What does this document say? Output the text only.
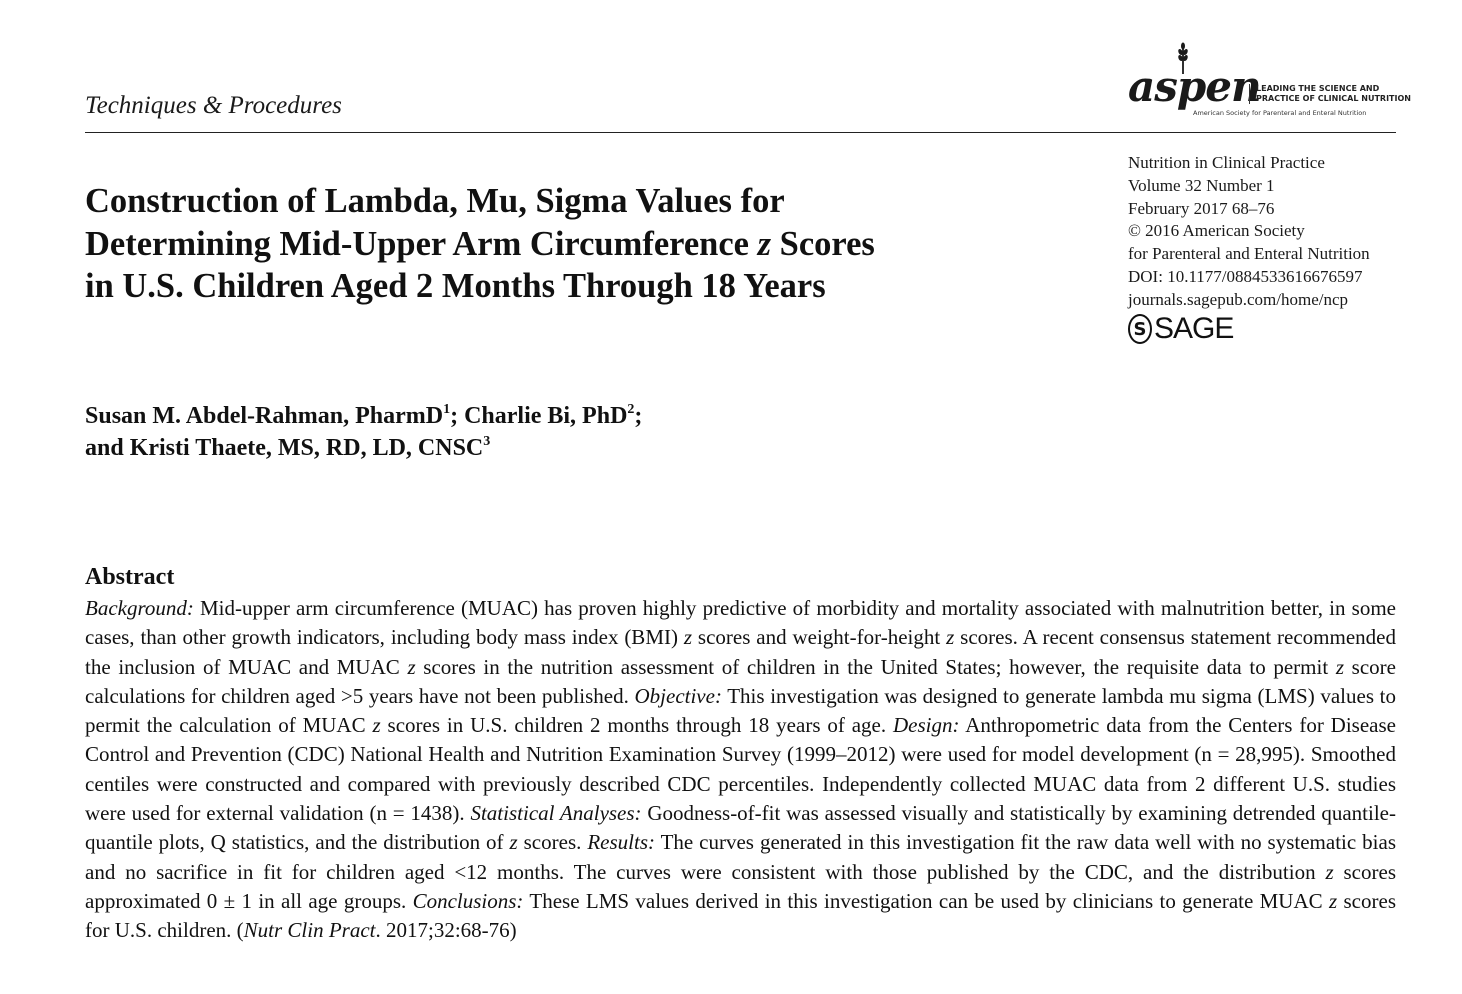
Techniques & Procedures	aspen
LEADING THE SCIENCE AND
PRACTICE OF CLINICAL NUTRITION
American Society for Parenteral and Enteral Nutrition
Nutrition in Clinical Practice
Volume 32 Number 1
February 2017 68–76
© 2016 American Society
for Parenteral and Enteral Nutrition
DOI: 10.1177/0884533616676597
journals.sagepub.com/home/ncp
S SAGE
Construction of Lambda, Mu, Sigma Values for
Determining Mid-Upper Arm Circumference z Scores
in U.S. Children Aged 2 Months Through 18 Years
Susan M. Abdel-Rahman, PharmD$^1$; Charlie Bi, PhD$^2$;
and Kristi Thaete, MS, RD, LD, CNSC$^3$
Abstract
Background: Mid-upper arm circumference (MUAC) has proven highly predictive of morbidity and mortality associated with malnutrition better, in some cases, than other growth indicators, including body mass index (BMI) z scores and weight-for-height z scores. A recent consensus statement recommended the inclusion of MUAC and MUAC z scores in the nutrition assessment of children in the United States; however, the requisite data to permit z score calculations for children aged >5 years have not been published. Objective: This investigation was designed to generate lambda mu sigma (LMS) values to permit the calculation of MUAC z scores in U.S. children 2 months through 18 years of age. Design: Anthropometric data from the Centers for Disease Control and Prevention (CDC) National Health and Nutrition Examination Survey (1999–2012) were used for model development (n = 28,995). Smoothed centiles were constructed and compared with previously described CDC percentiles. Independently collected MUAC data from 2 different U.S. studies were used for external validation (n = 1438). Statistical Analyses: Goodness-of-fit was assessed visually and statistically by examining detrended quantile-quantile plots, Q statistics, and the distribution of z scores. Results: The curves generated in this investigation fit the raw data well with no systematic bias and no sacrifice in fit for children aged <12 months. The curves were consistent with those published by the CDC, and the distribution z scores approximated 0 ± 1 in all age groups. Conclusions: These LMS values derived in this investigation can be used by clinicians to generate MUAC z scores for U.S. children. (Nutr Clin Pract. 2017;32:68-76)
